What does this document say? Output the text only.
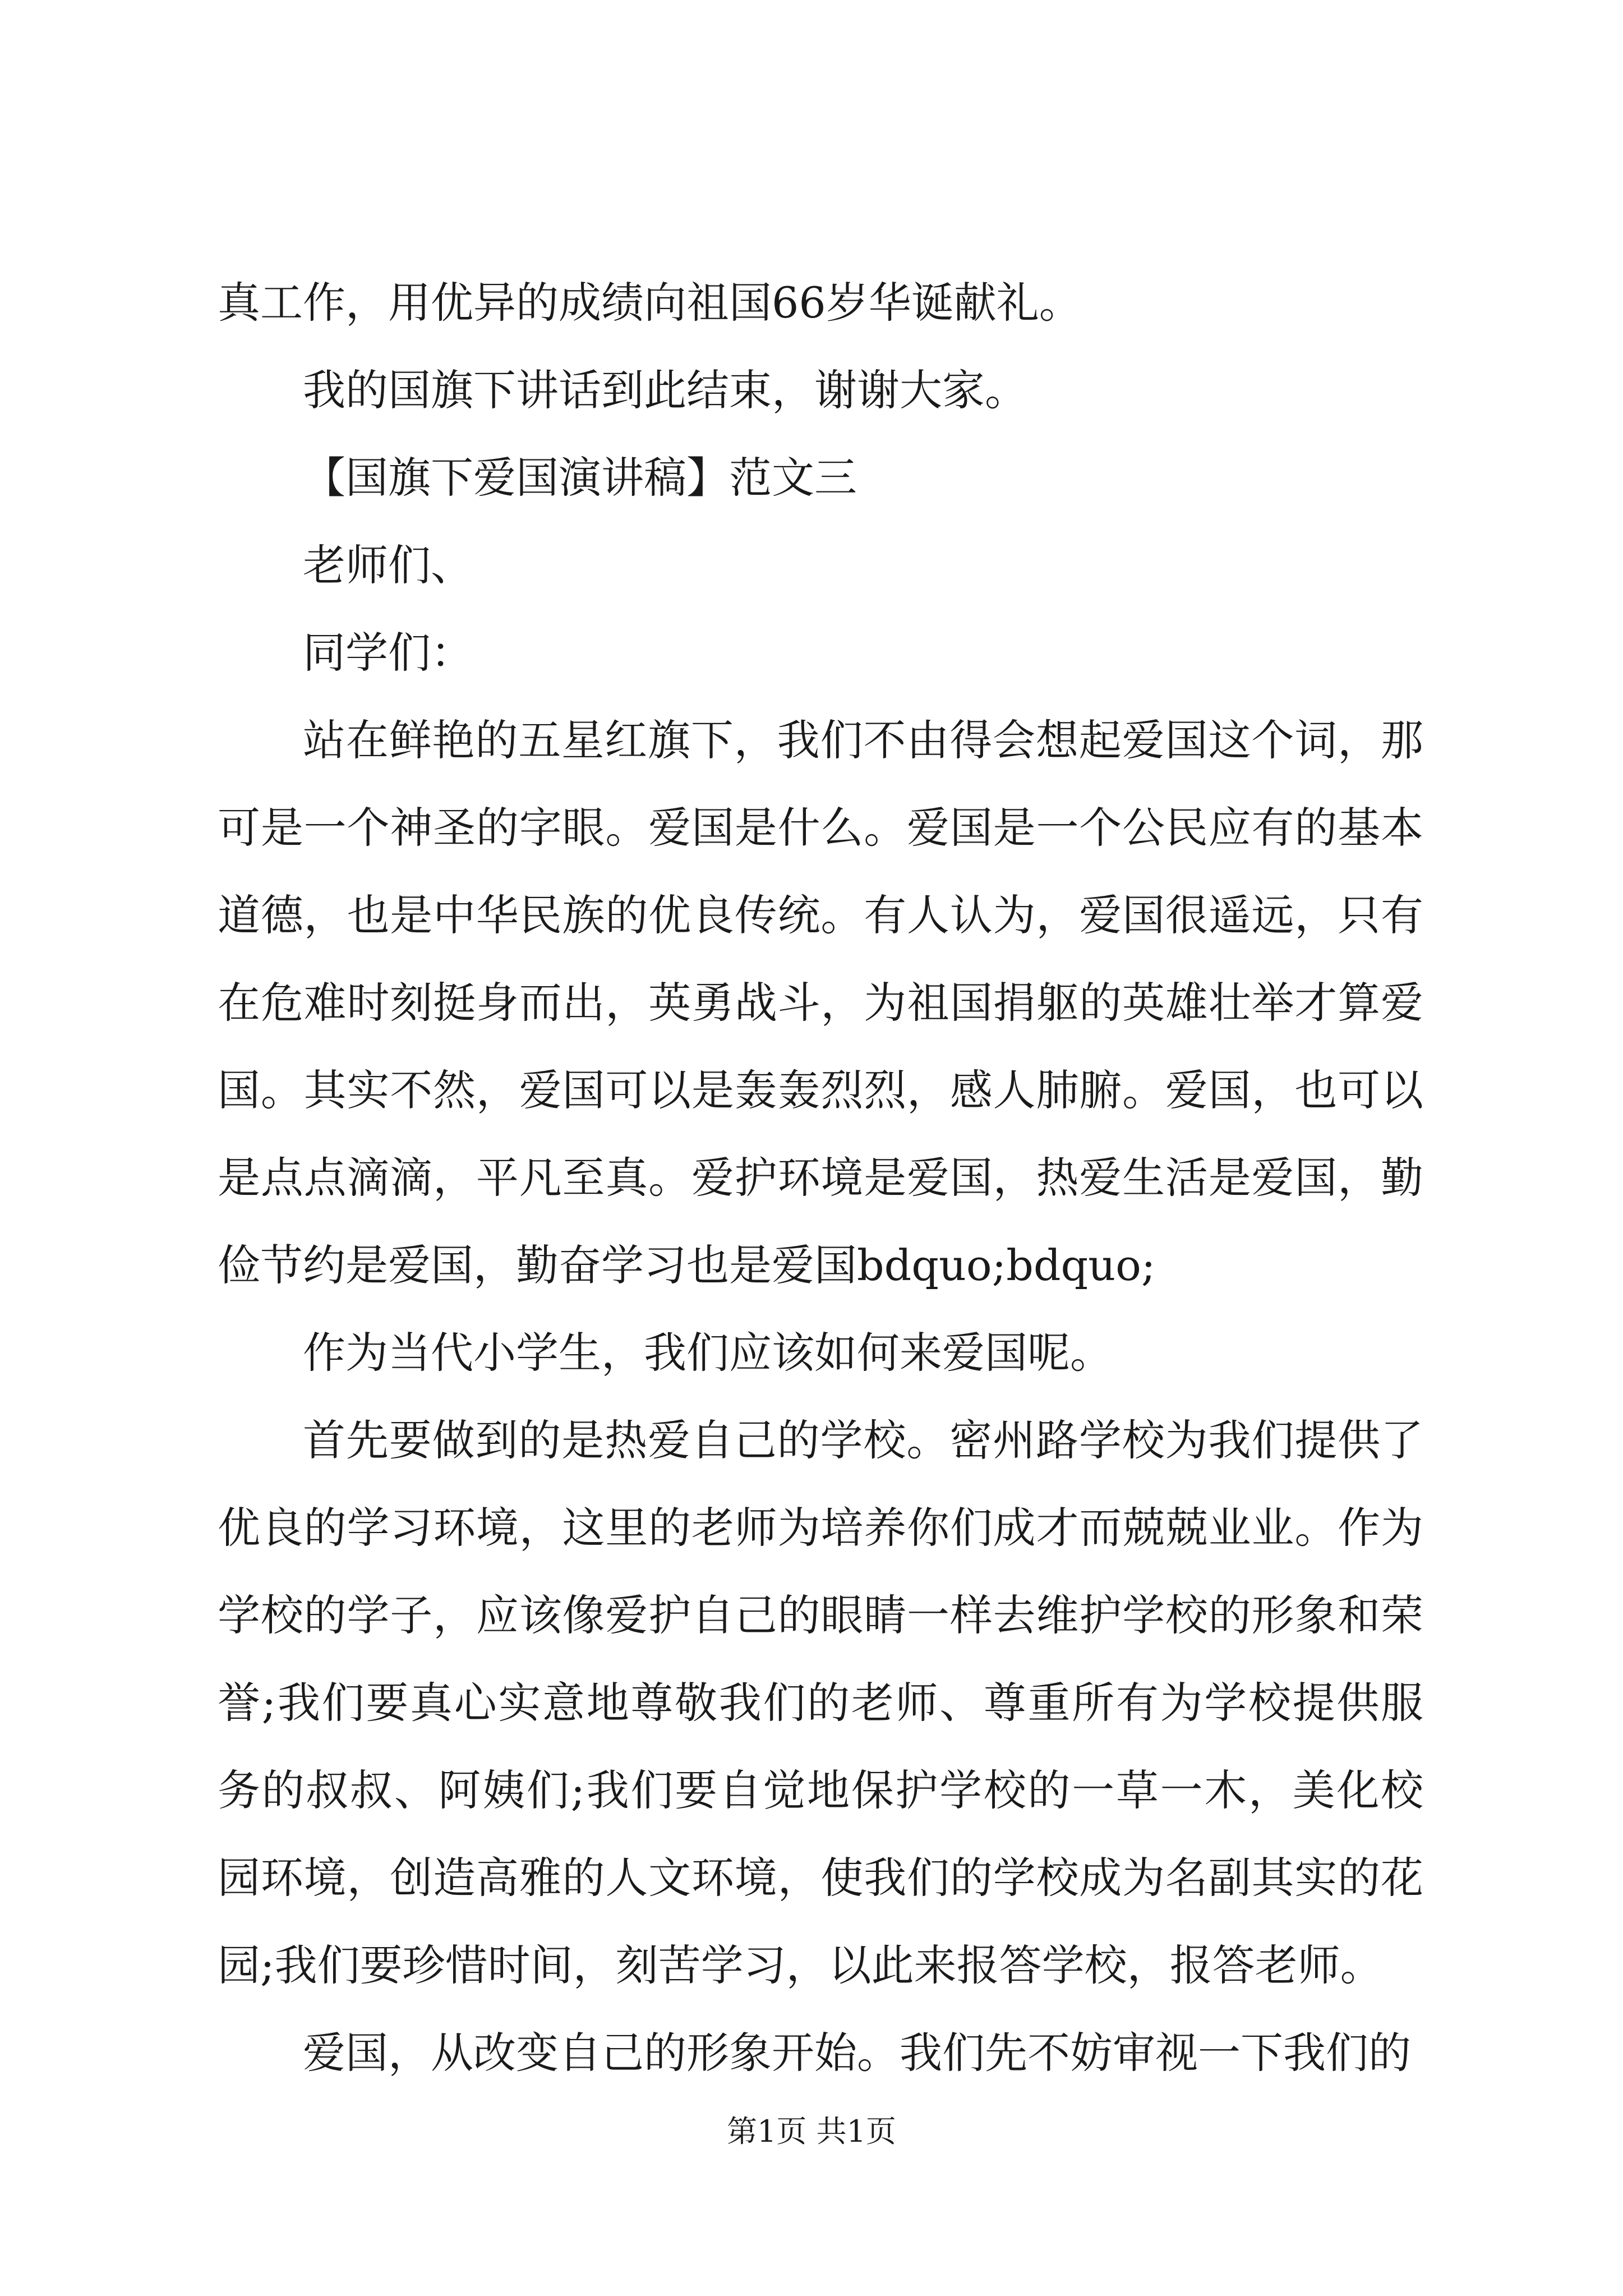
真工作，用优异的成绩向祖国66岁华诞献礼。

我的国旗下讲话到此结束，谢谢大家。

【国旗下爱国演讲稿】范文三

老师们、

同学们：

站在鲜艳的五星红旗下，我们不由得会想起爱国这个词，那可是一个神圣的字眼。爱国是什么。爱国是一个公民应有的基本道德，也是中华民族的优良传统。有人认为，爱国很遥远，只有在危难时刻挺身而出，英勇战斗，为祖国捐躯的英雄壮举才算爱国。其实不然，爱国可以是轰轰烈烈，感人肺腑。爱国，也可以是点点滴滴，平凡至真。爱护环境是爱国，热爱生活是爱国，勤俭节约是爱国，勤奋学习也是爱国bdquo;bdquo;

作为当代小学生，我们应该如何来爱国呢。

首先要做到的是热爱自己的学校。密州路学校为我们提供了优良的学习环境，这里的老师为培养你们成才而兢兢业业。作为学校的学子，应该像爱护自己的眼睛一样去维护学校的形象和荣誉;我们要真心实意地尊敬我们的老师、尊重所有为学校提供服务的叔叔、阿姨们;我们要自觉地保护学校的一草一木，美化校园环境，创造高雅的人文环境，使我们的学校成为名副其实的花园;我们要珍惜时间，刻苦学习，以此来报答学校，报答老师。

爱国，从改变自己的形象开始。我们先不妨审视一下我们的

第1页 共1页
